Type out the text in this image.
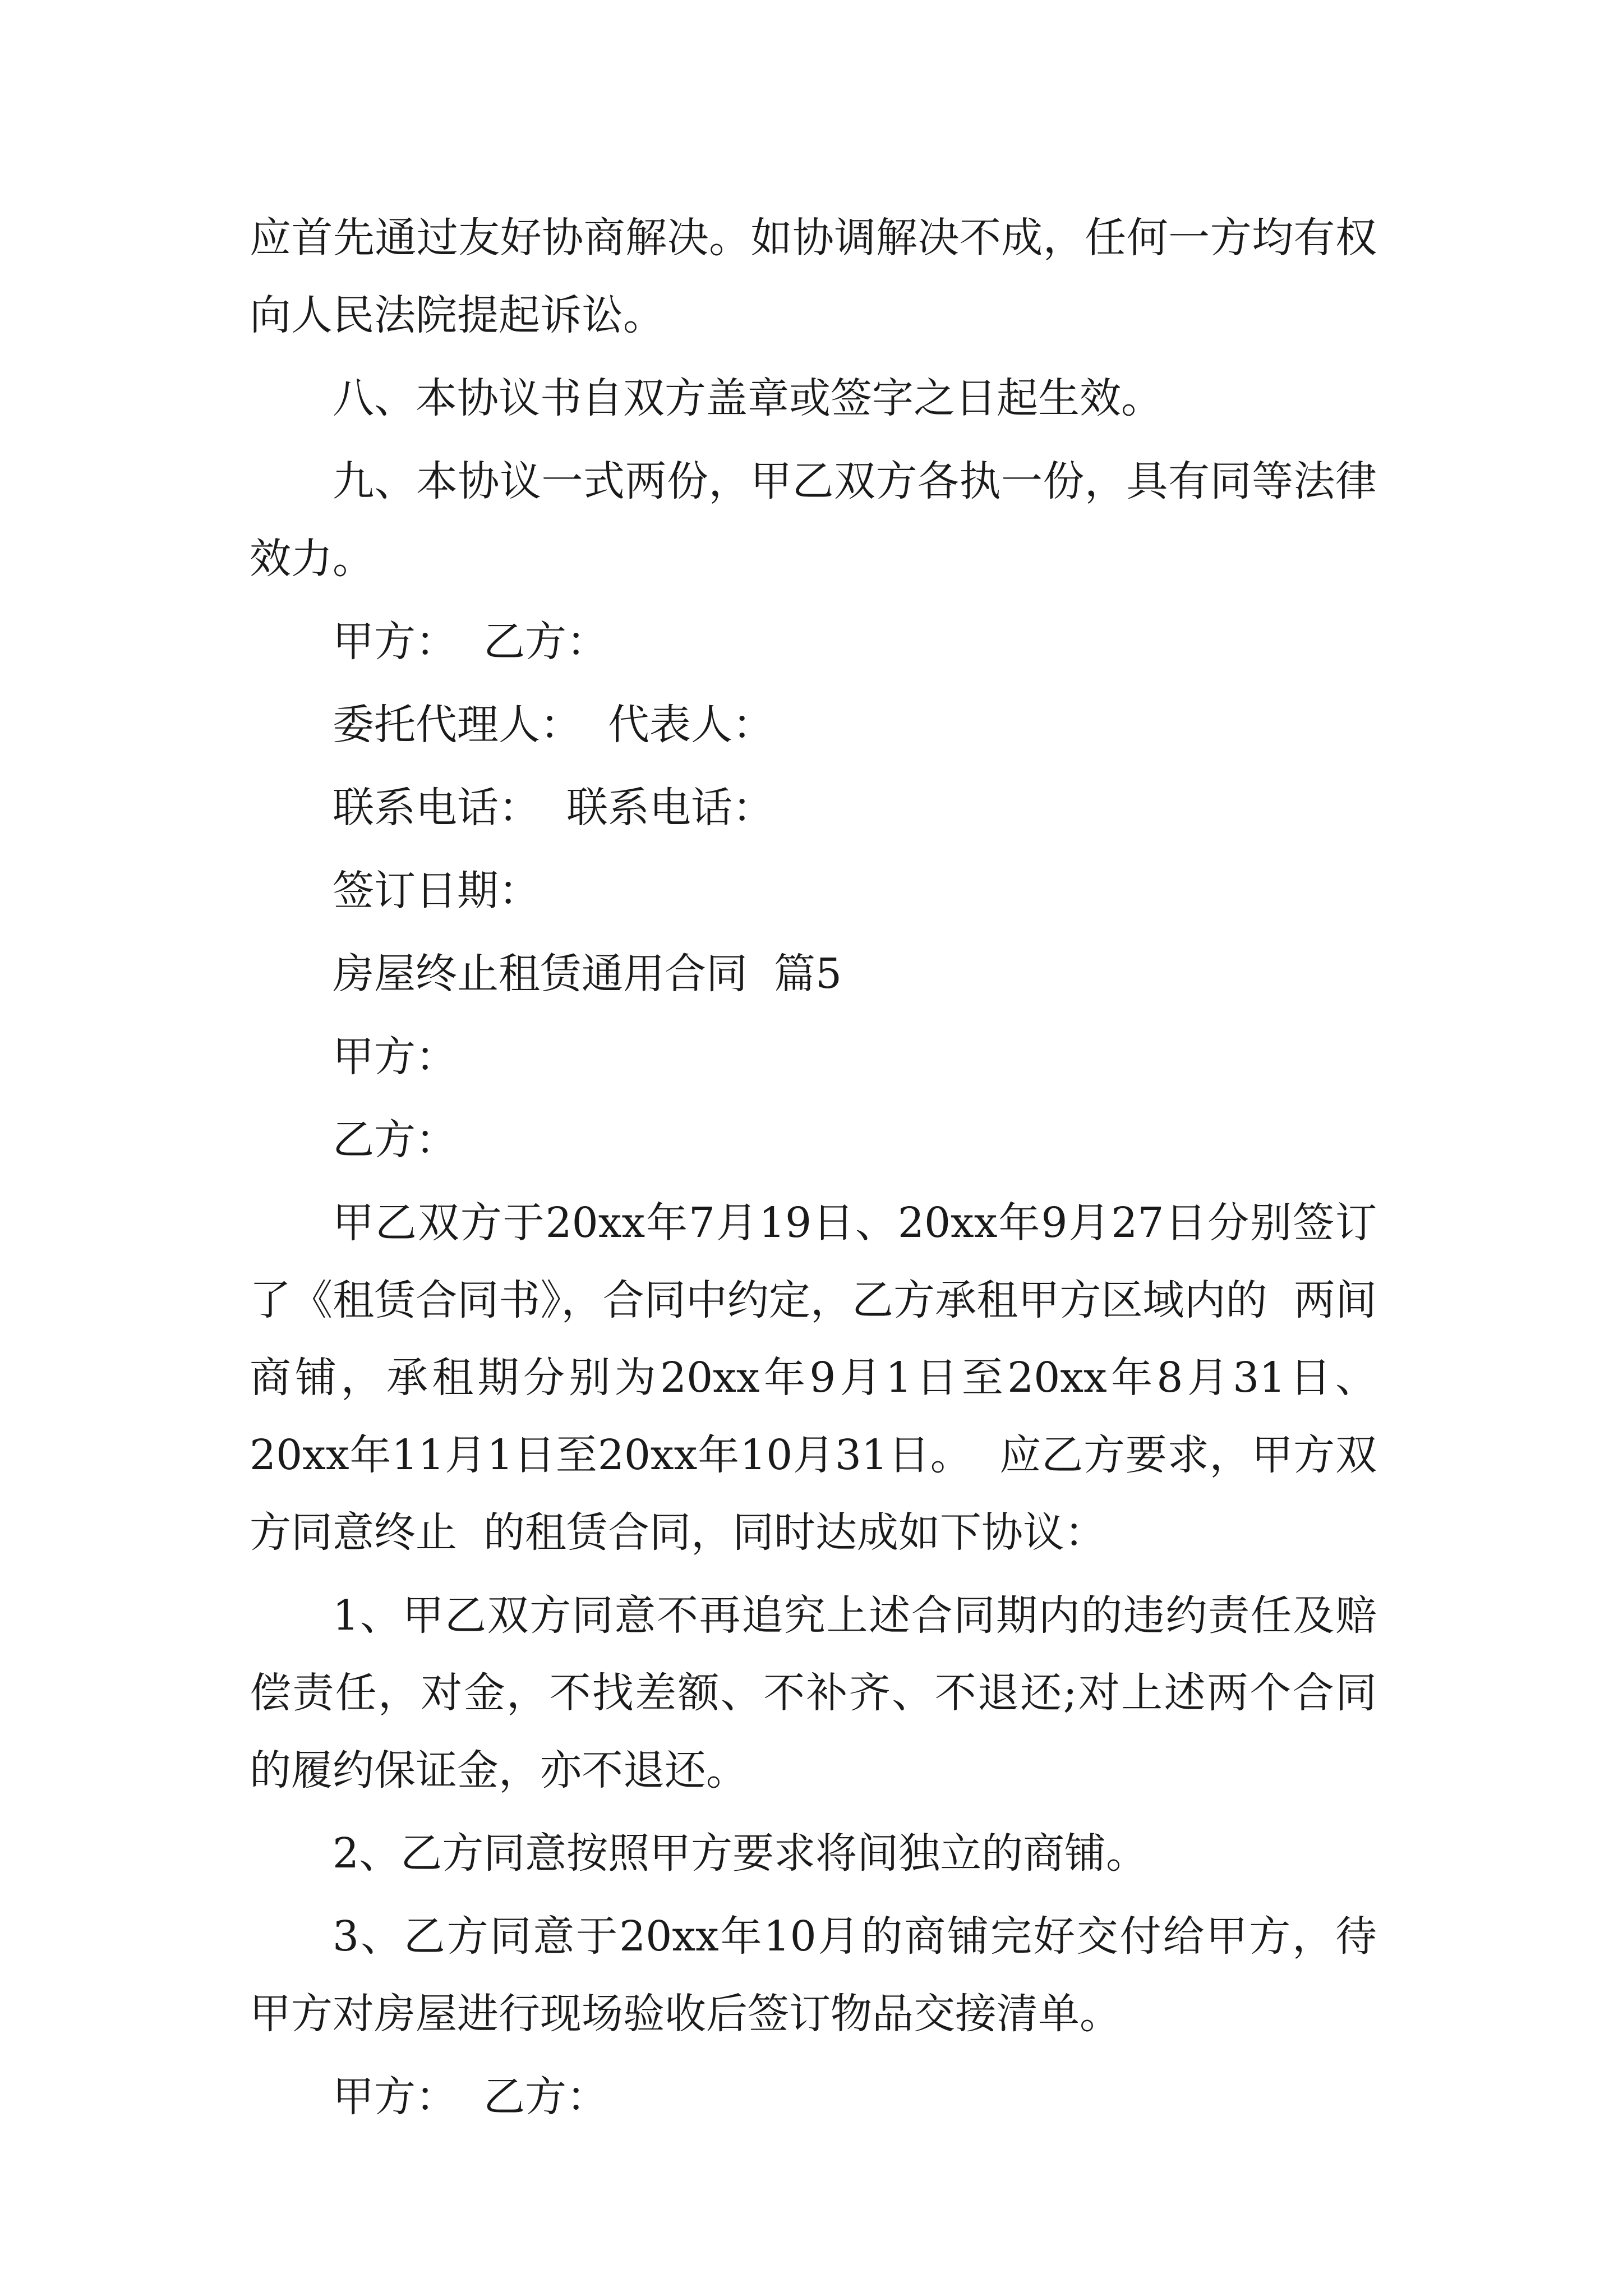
应首先通过友好协商解决。如协调解决不成，任何一方均有权向人民法院提起诉讼。

八、本协议书自双方盖章或签字之日起生效。

九、本协议一式两份，甲乙双方各执一份，具有同等法律效力。

甲方：  乙方：

委托代理人：  代表人：

联系电话：  联系电话：

签订日期：

房屋终止租赁通用合同  篇5

甲方：

乙方：

甲乙双方于20xx年7月19日、20xx年9月27日分别签订了《租赁合同书》，合同中约定，乙方承租甲方区域内的  两间商铺，承租期分别为20xx年9月1日至20xx年8月31日、20xx年11月1日至20xx年10月31日。  应乙方要求，甲方双方同意终止  的租赁合同，同时达成如下协议：

1、甲乙双方同意不再追究上述合同期内的违约责任及赔偿责任，对金，不找差额、不补齐、不退还;对上述两个合同的履约保证金，亦不退还。

2、乙方同意按照甲方要求将间独立的商铺。

3、乙方同意于20xx年10月的商铺完好交付给甲方，待甲方对房屋进行现场验收后签订物品交接清单。

甲方：  乙方：
